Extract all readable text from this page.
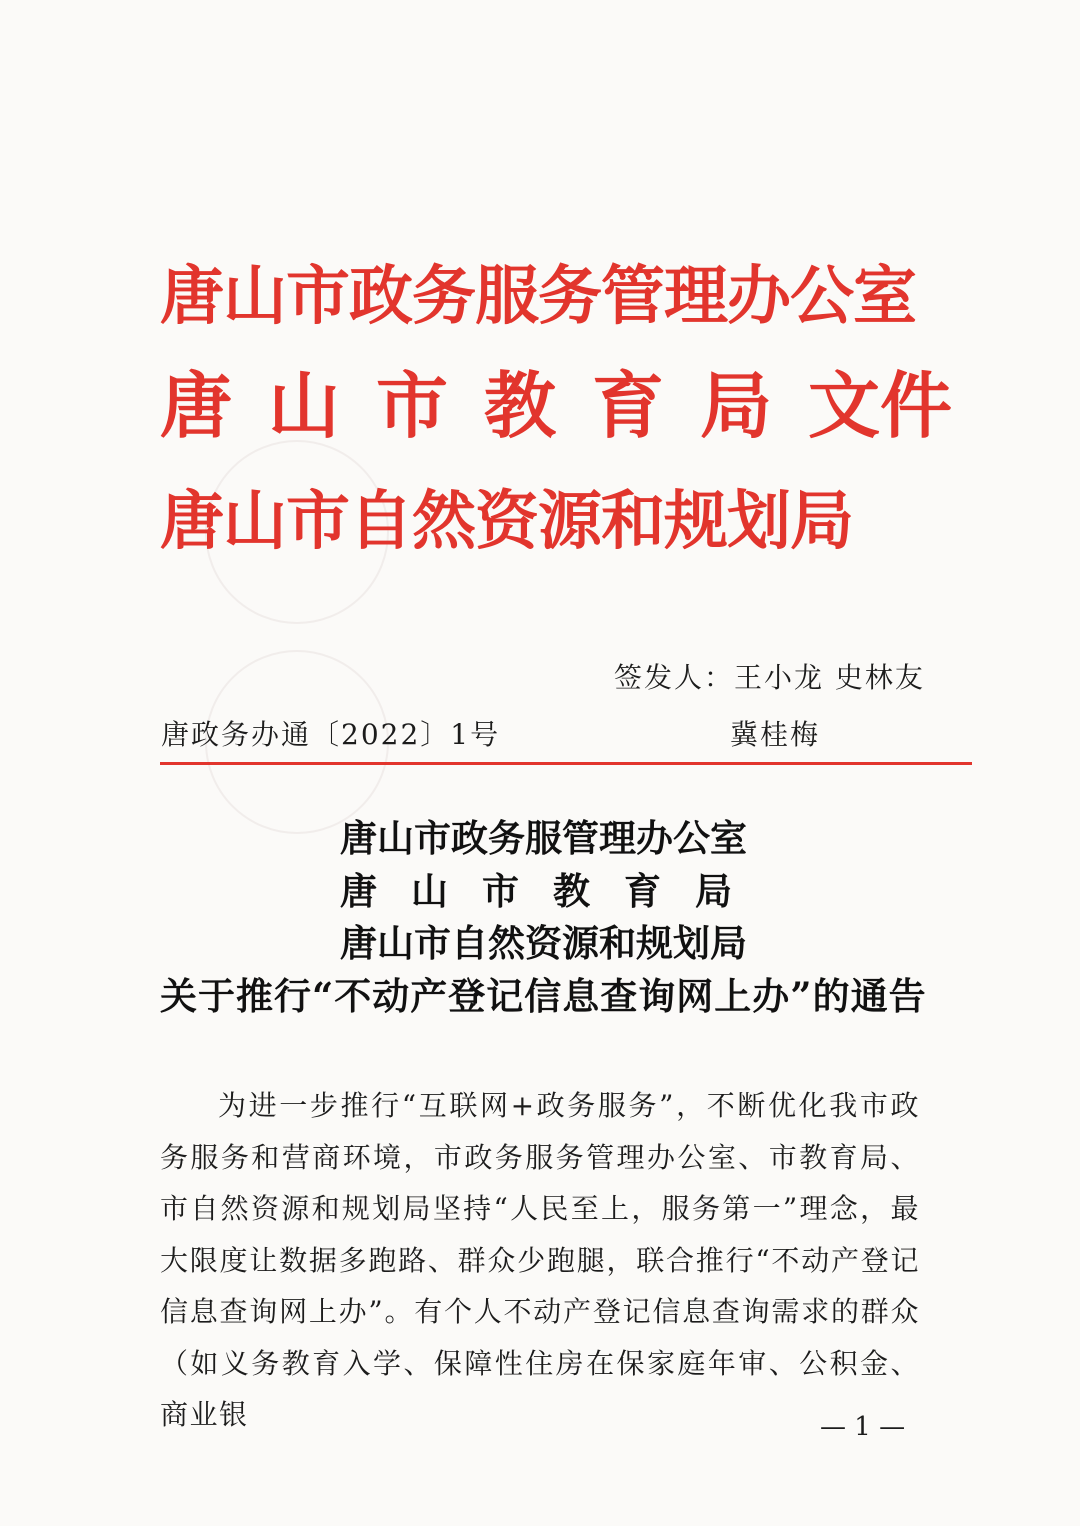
唐山市政务服务管理办公室
唐山市教育局文件
唐山市自然资源和规划局
签发人：王小龙 史林友
冀桂梅
唐政务办通〔2022〕1号
唐山市政务服管理办公室
唐山市教育局
唐山市自然资源和规划局
关于推行“不动产登记信息查询网上办”的通告
为进一步推行“互联网+政务服务”，不断优化我市政务服务和营商环境，市政务服务管理办公室、市教育局、市自然资源和规划局坚持“人民至上，服务第一”理念，最大限度让数据多跑路、群众少跑腿，联合推行“不动产登记信息查询网上办”。有个人不动产登记信息查询需求的群众（如义务教育入学、保障性住房在保家庭年审、公积金、商业银	— 1 —
